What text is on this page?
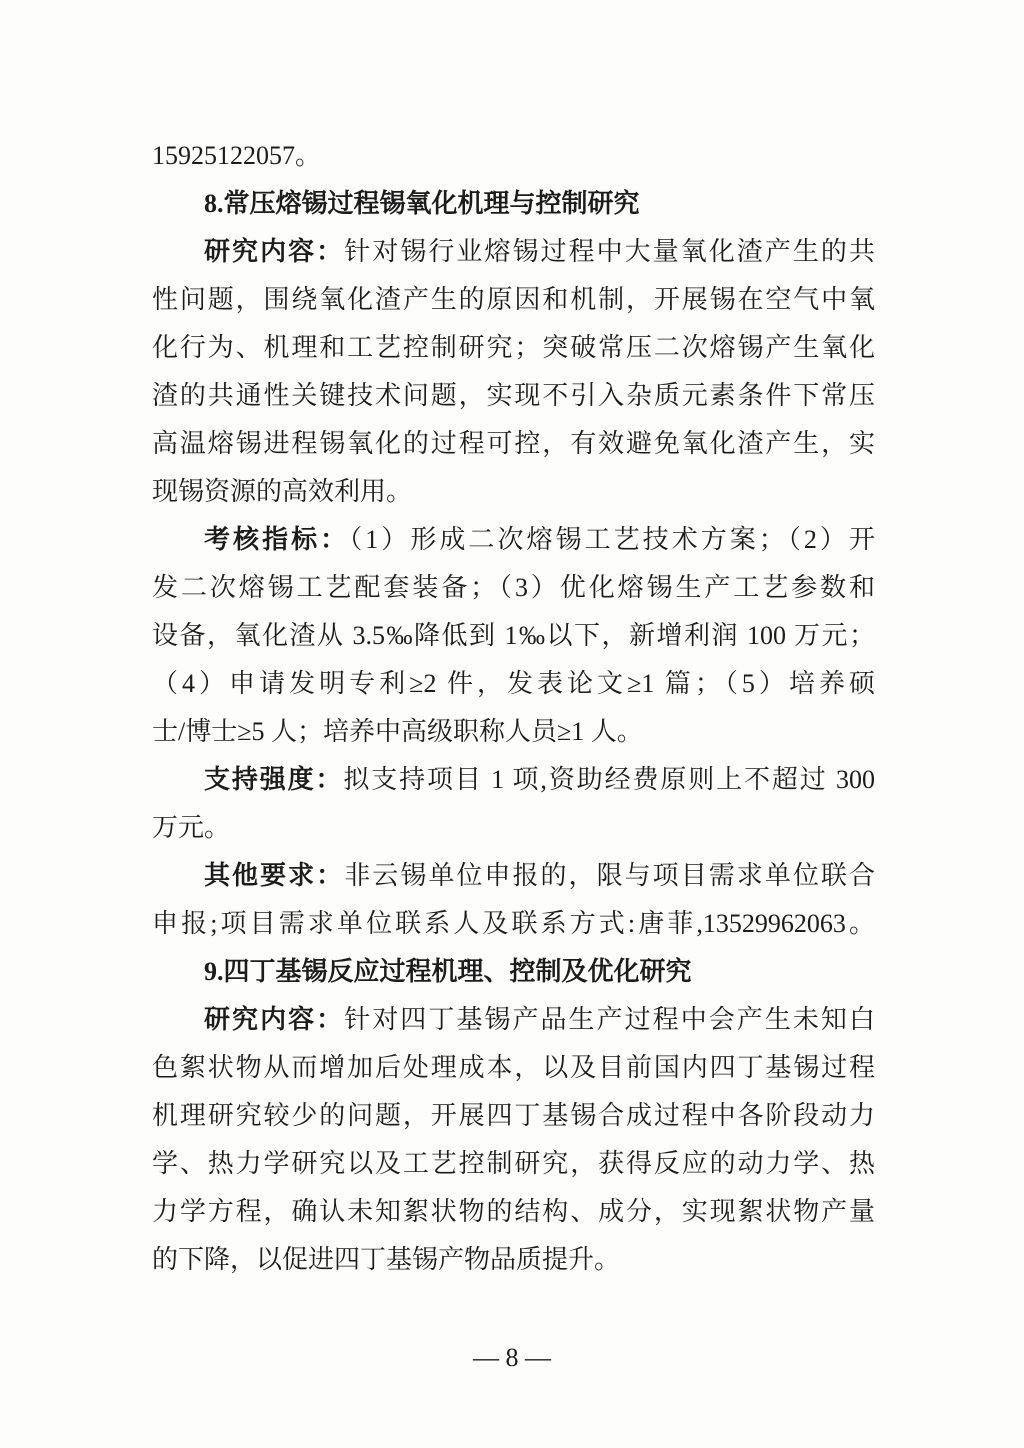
15925122057。
8.常压熔锡过程锡氧化机理与控制研究
研究内容：针对锡行业熔锡过程中大量氧化渣产生的共
性问题，围绕氧化渣产生的原因和机制，开展锡在空气中氧
化行为、机理和工艺控制研究；突破常压二次熔锡产生氧化
渣的共通性关键技术问题，实现不引入杂质元素条件下常压
高温熔锡进程锡氧化的过程可控，有效避免氧化渣产生，实
现锡资源的高效利用。
考核指标：（1）形成二次熔锡工艺技术方案；（2）开
发二次熔锡工艺配套装备；（3）优化熔锡生产工艺参数和
设备，氧化渣从 3.5‰降低到 1‰以下，新增利润 100 万元；
（4）申请发明专利≥2 件，发表论文≥1 篇；（5）培养硕
士/博士≥5 人；培养中高级职称人员≥1 人。
支持强度：拟支持项目 1 项,资助经费原则上不超过 300
万元。
其他要求：非云锡单位申报的，限与项目需求单位联合
申报;项目需求单位联系人及联系方式:唐菲,13529962063。
9.四丁基锡反应过程机理、控制及优化研究
研究内容：针对四丁基锡产品生产过程中会产生未知白
色絮状物从而增加后处理成本，以及目前国内四丁基锡过程
机理研究较少的问题，开展四丁基锡合成过程中各阶段动力
学、热力学研究以及工艺控制研究，获得反应的动力学、热
力学方程，确认未知絮状物的结构、成分，实现絮状物产量
的下降，以促进四丁基锡产物品质提升。
— 8 —
